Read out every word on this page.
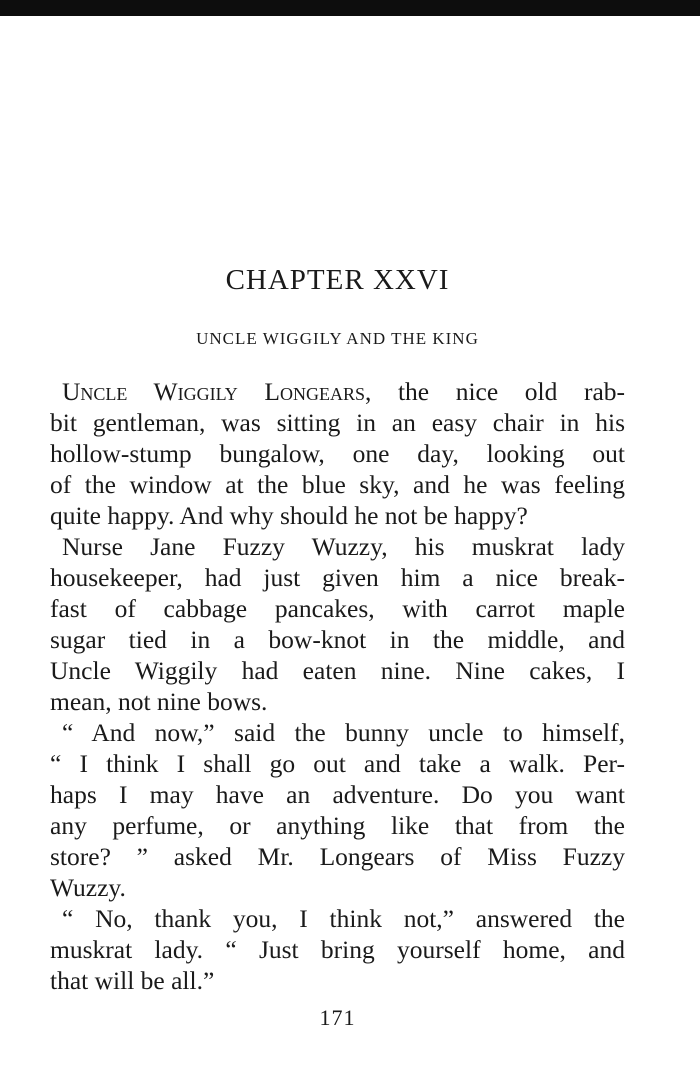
CHAPTER XXVI
UNCLE WIGGILY AND THE KING
Uncle Wiggily Longears, the nice old rab-
bit gentleman, was sitting in an easy chair in his
hollow-stump bungalow, one day, looking out
of the window at the blue sky, and he was feeling
quite happy. And why should he not be happy?
Nurse Jane Fuzzy Wuzzy, his muskrat lady
housekeeper, had just given him a nice break-
fast of cabbage pancakes, with carrot maple
sugar tied in a bow-knot in the middle, and
Uncle Wiggily had eaten nine. Nine cakes, I
mean, not nine bows.
“ And now,” said the bunny uncle to himself,
“ I think I shall go out and take a walk. Per-
haps I may have an adventure. Do you want
any perfume, or anything like that from the
store? ” asked Mr. Longears of Miss Fuzzy
Wuzzy.
“ No, thank you, I think not,” answered the
muskrat lady. “ Just bring yourself home, and
that will be all.”
171
